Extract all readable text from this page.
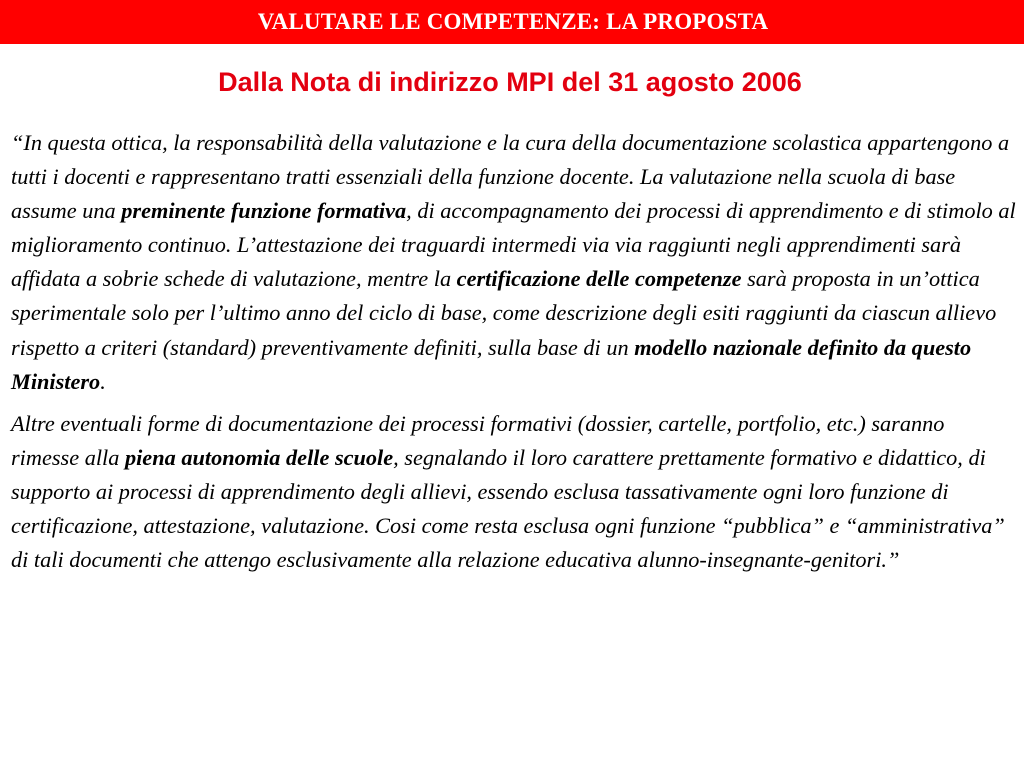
VALUTARE LE COMPETENZE: LA PROPOSTA
Dalla Nota di indirizzo MPI del 31 agosto 2006

“In questa ottica, la responsabilità della valutazione e la cura della documentazione scolastica appartengono a tutti i docenti e rappresentano tratti essenziali della funzione docente. La valutazione nella scuola di base assume una preminente funzione formativa, di accompagnamento dei processi di apprendimento e di stimolo al miglioramento continuo. L’attestazione dei traguardi intermedi via via raggiunti negli apprendimenti sarà affidata a sobrie schede di valutazione, mentre la certificazione delle competenze sarà proposta in un’ottica sperimentale solo per l’ultimo anno del ciclo di base, come descrizione degli esiti raggiunti da ciascun allievo rispetto a criteri (standard) preventivamente definiti, sulla base di un modello nazionale definito da questo Ministero.

Altre eventuali forme di documentazione dei processi formativi (dossier, cartelle, portfolio, etc.) saranno rimesse alla piena autonomia delle scuole, segnalando il loro carattere prettamente formativo e didattico, di supporto ai processi di apprendimento degli allievi, essendo esclusa tassativamente ogni loro funzione di certificazione, attestazione, valutazione. Cosi come resta esclusa ogni funzione “pubblica” e “amministrativa” di tali documenti che attengo esclusivamente alla relazione educativa alunno-insegnante-genitori.”
